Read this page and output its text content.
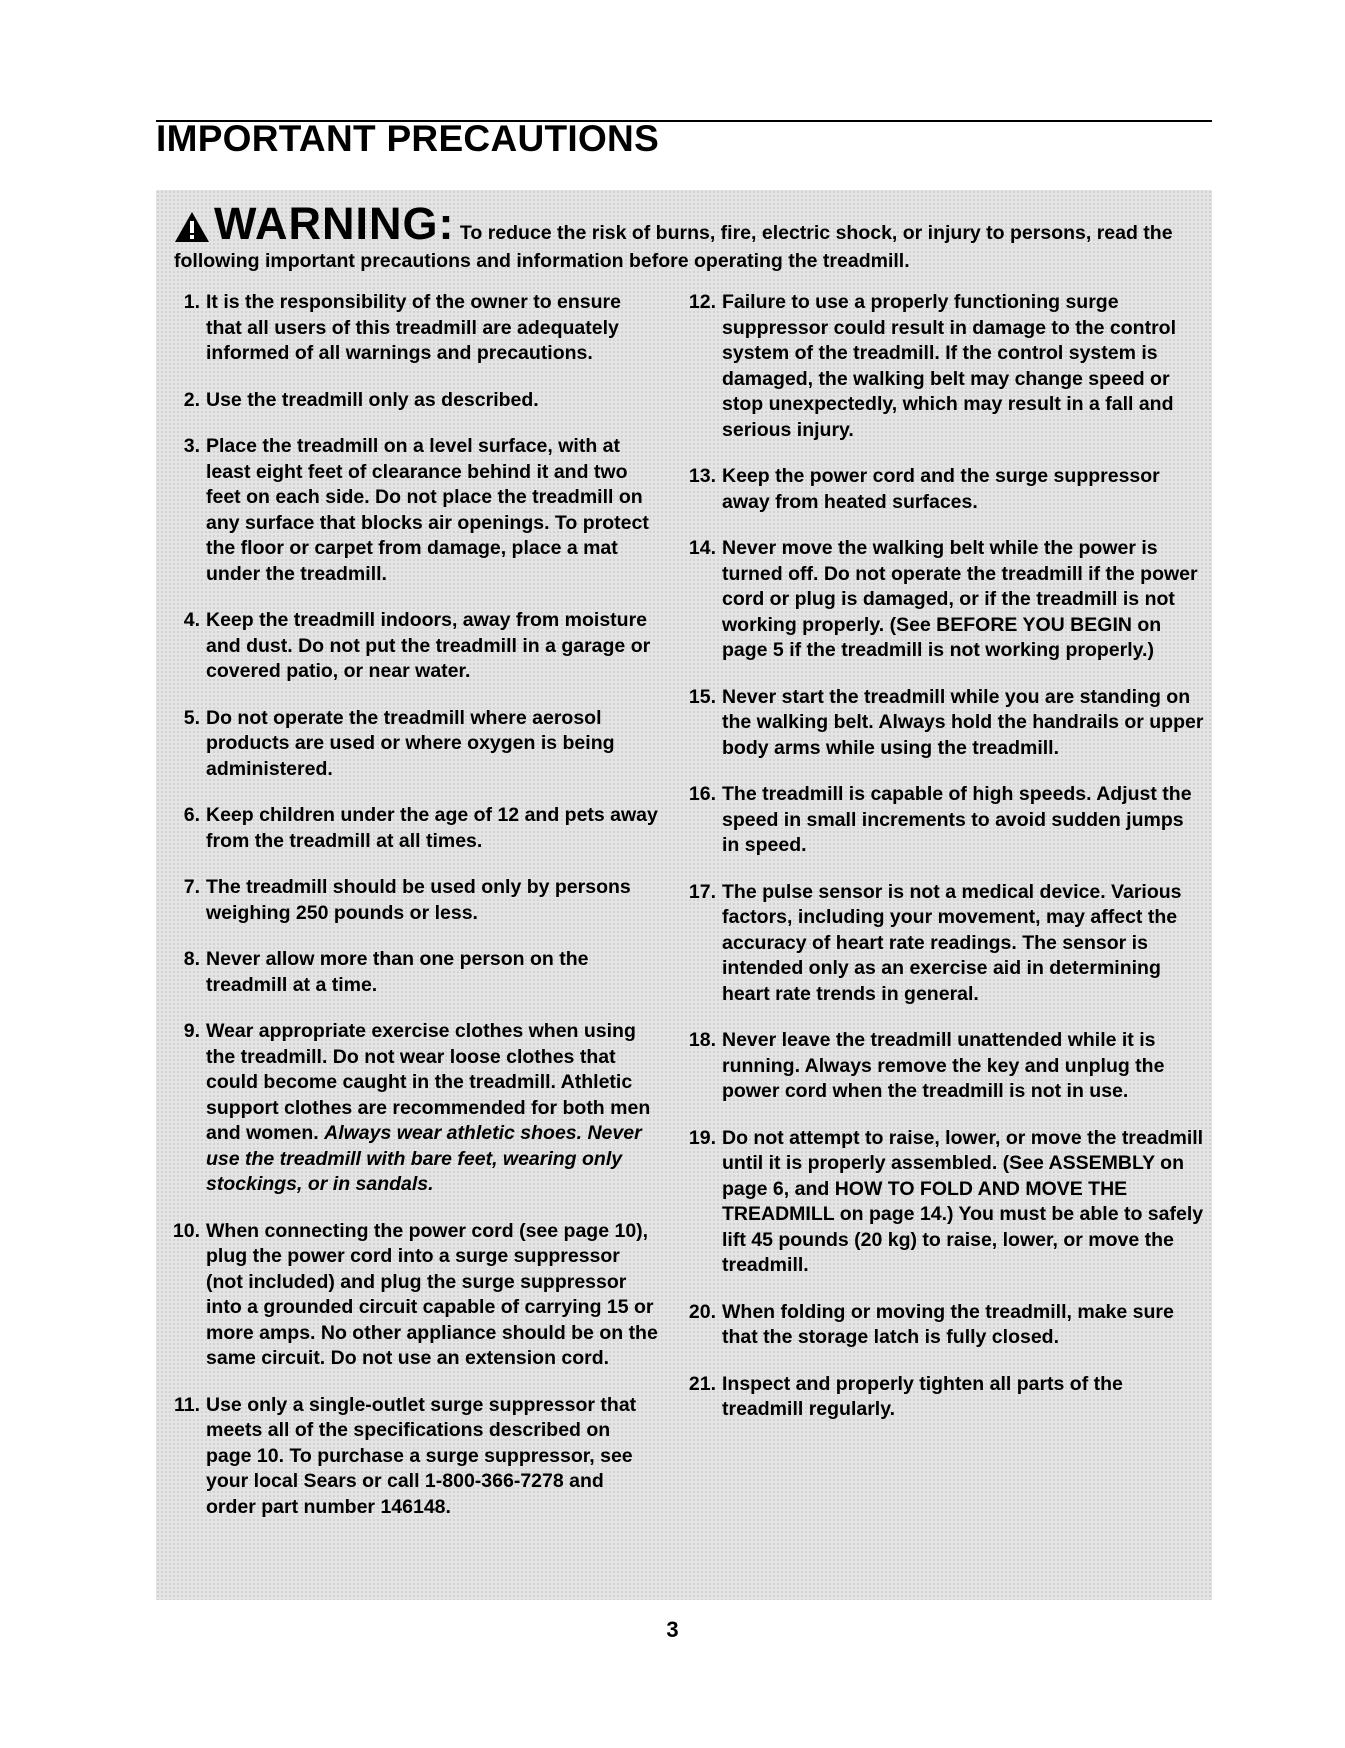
IMPORTANT PRECAUTIONS
WARNING: To reduce the risk of burns, fire, electric shock, or injury to persons, read the following important precautions and information before operating the treadmill.
1. It is the responsibility of the owner to ensure that all users of this treadmill are adequately informed of all warnings and precautions.
2. Use the treadmill only as described.
3. Place the treadmill on a level surface, with at least eight feet of clearance behind it and two feet on each side. Do not place the treadmill on any surface that blocks air openings. To protect the floor or carpet from damage, place a mat under the treadmill.
4. Keep the treadmill indoors, away from moisture and dust. Do not put the treadmill in a garage or covered patio, or near water.
5. Do not operate the treadmill where aerosol products are used or where oxygen is being administered.
6. Keep children under the age of 12 and pets away from the treadmill at all times.
7. The treadmill should be used only by persons weighing 250 pounds or less.
8. Never allow more than one person on the treadmill at a time.
9. Wear appropriate exercise clothes when using the treadmill. Do not wear loose clothes that could become caught in the treadmill. Athletic support clothes are recommended for both men and women. Always wear athletic shoes. Never use the treadmill with bare feet, wearing only stockings, or in sandals.
10. When connecting the power cord (see page 10), plug the power cord into a surge suppressor (not included) and plug the surge suppressor into a grounded circuit capable of carrying 15 or more amps. No other appliance should be on the same circuit. Do not use an extension cord.
11. Use only a single-outlet surge suppressor that meets all of the specifications described on page 10. To purchase a surge suppressor, see your local Sears or call 1-800-366-7278 and order part number 146148.
12. Failure to use a properly functioning surge suppressor could result in damage to the control system of the treadmill. If the control system is damaged, the walking belt may change speed or stop unexpectedly, which may result in a fall and serious injury.
13. Keep the power cord and the surge suppressor away from heated surfaces.
14. Never move the walking belt while the power is turned off. Do not operate the treadmill if the power cord or plug is damaged, or if the treadmill is not working properly. (See BEFORE YOU BEGIN on page 5 if the treadmill is not working properly.)
15. Never start the treadmill while you are standing on the walking belt. Always hold the handrails or upper body arms while using the treadmill.
16. The treadmill is capable of high speeds. Adjust the speed in small increments to avoid sudden jumps in speed.
17. The pulse sensor is not a medical device. Various factors, including your movement, may affect the accuracy of heart rate readings. The sensor is intended only as an exercise aid in determining heart rate trends in general.
18. Never leave the treadmill unattended while it is running. Always remove the key and unplug the power cord when the treadmill is not in use.
19. Do not attempt to raise, lower, or move the treadmill until it is properly assembled. (See ASSEMBLY on page 6, and HOW TO FOLD AND MOVE THE TREADMILL on page 14.) You must be able to safely lift 45 pounds (20 kg) to raise, lower, or move the treadmill.
20. When folding or moving the treadmill, make sure that the storage latch is fully closed.
21. Inspect and properly tighten all parts of the treadmill regularly.
3
